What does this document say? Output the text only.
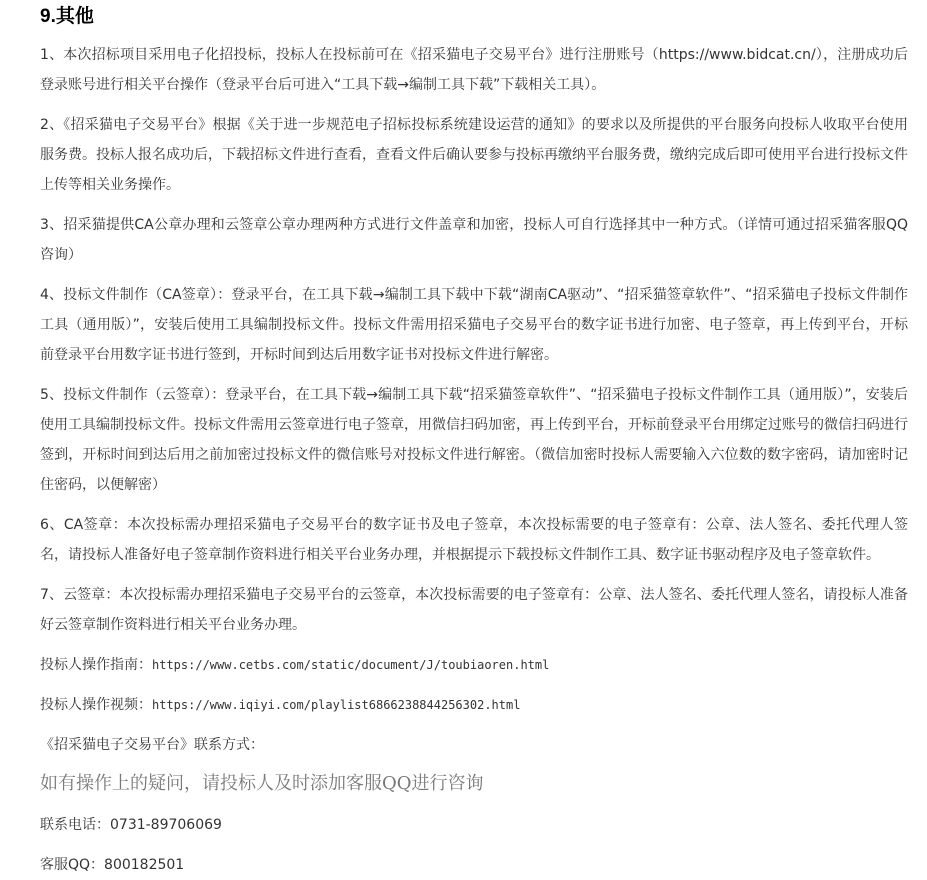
9.其他

1、本次招标项目采用电子化招投标，投标人在投标前可在《招采猫电子交易平台》进行注册账号（https://www.bidcat.cn/），注册成功后登录账号进行相关平台操作（登录平台后可进入“工具下载→编制工具下载”下载相关工具）。

2、《招采猫电子交易平台》根据《关于进一步规范电子招标投标系统建设运营的通知》的要求以及所提供的平台服务向投标人收取平台使用服务费。投标人报名成功后，下载招标文件进行查看，查看文件后确认要参与投标再缴纳平台服务费，缴纳完成后即可使用平台进行投标文件上传等相关业务操作。

3、招采猫提供CA公章办理和云签章公章办理两种方式进行文件盖章和加密，投标人可自行选择其中一种方式。（详情可通过招采猫客服QQ咨询）

4、投标文件制作（CA签章）：登录平台，在工具下载→编制工具下载中下载“湖南CA驱动”、“招采猫签章软件”、“招采猫电子投标文件制作工具（通用版）”，安装后使用工具编制投标文件。投标文件需用招采猫电子交易平台的数字证书进行加密、电子签章，再上传到平台，开标前登录平台用数字证书进行签到，开标时间到达后用数字证书对投标文件进行解密。

5、投标文件制作（云签章）：登录平台，在工具下载→编制工具下载“招采猫签章软件”、“招采猫电子投标文件制作工具（通用版）”，安装后使用工具编制投标文件。投标文件需用云签章进行电子签章，用微信扫码加密，再上传到平台，开标前登录平台用绑定过账号的微信扫码进行签到，开标时间到达后用之前加密过投标文件的微信账号对投标文件进行解密。（微信加密时投标人需要输入六位数的数字密码，请加密时记住密码，以便解密）

6、CA签章：本次投标需办理招采猫电子交易平台的数字证书及电子签章，本次投标需要的电子签章有：公章、法人签名、委托代理人签名，请投标人准备好电子签章制作资料进行相关平台业务办理，并根据提示下载投标文件制作工具、数字证书驱动程序及电子签章软件。

7、云签章：本次投标需办理招采猫电子交易平台的云签章，本次投标需要的电子签章有：公章、法人签名、委托代理人签名，请投标人准备好云签章制作资料进行相关平台业务办理。

投标人操作指南：https://www.cetbs.com/static/document/J/toubiaoren.html

投标人操作视频：https://www.iqiyi.com/playlist6866238844256302.html

《招采猫电子交易平台》联系方式：

如有操作上的疑问，请投标人及时添加客服QQ进行咨询

联系电话：0731-89706069

客服QQ：800182501
